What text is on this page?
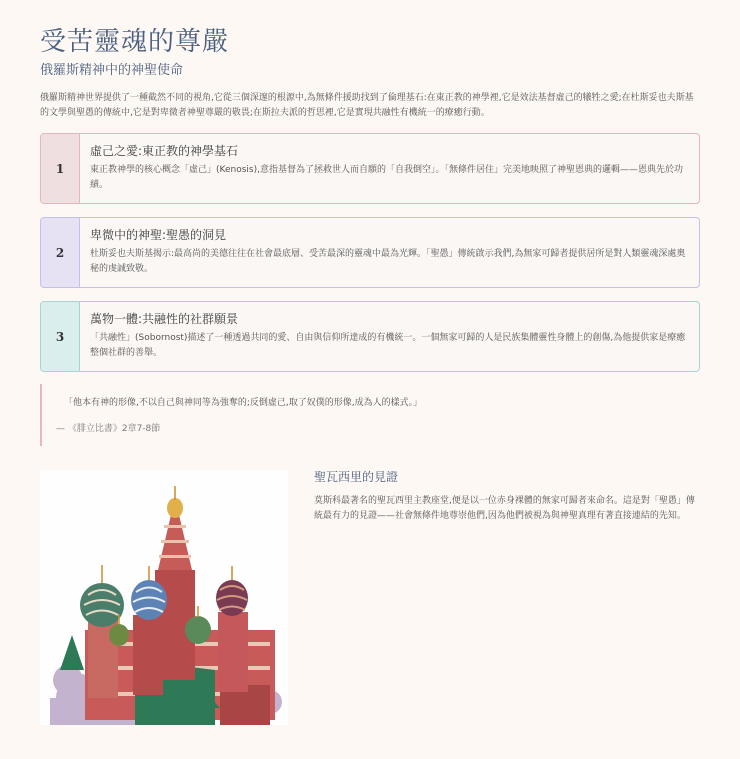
受苦靈魂的尊嚴
俄羅斯精神中的神聖使命
俄羅斯精神世界提供了一種截然不同的視角,它從三個深邃的根源中,為無條件援助找到了倫理基石:在東正教的神學裡,它是效法基督虛己的犧牲之愛;在杜斯妥也夫斯基的文學與聖愚的傳統中,它是對卑微者神聖尊嚴的敬畏;在斯拉夫派的哲思裡,它是實現共融性有機統一的療癒行動。
1
虛己之愛:東正教的神學基石
東正教神學的核心概念「虛己」(Kenosis),意指基督為了拯救世人而自願的「自我倒空」。「無條件居住」完美地映照了神聖恩典的邏輯——恩典先於功績。
2
卑微中的神聖:聖愚的洞見
杜斯妥也夫斯基揭示:最高尚的美德往往在社會最底層、受苦最深的靈魂中最為光輝。「聖愚」傳統啟示我們,為無家可歸者提供居所是對人類靈魂深處奧秘的虔誠致敬。
3
萬物一體:共融性的社群願景
「共融性」(Sobornost)描述了一種透過共同的愛、自由與信仰所達成的有機統一。一個無家可歸的人是民族集體靈性身體上的創傷,為他提供家是療癒整個社群的善舉。
「他本有神的形像,不以自己與神同等為強奪的;反倒虛己,取了奴僕的形像,成為人的樣式。」
— 《腓立比書》2章7-8節
聖瓦西里的見證
莫斯科最著名的聖瓦西里主教座堂,便是以一位赤身裸體的無家可歸者來命名。這是對「聖愚」傳統最有力的見證——社會無條件地尊崇他們,因為他們被視為與神聖真理有著直接連結的先知。
